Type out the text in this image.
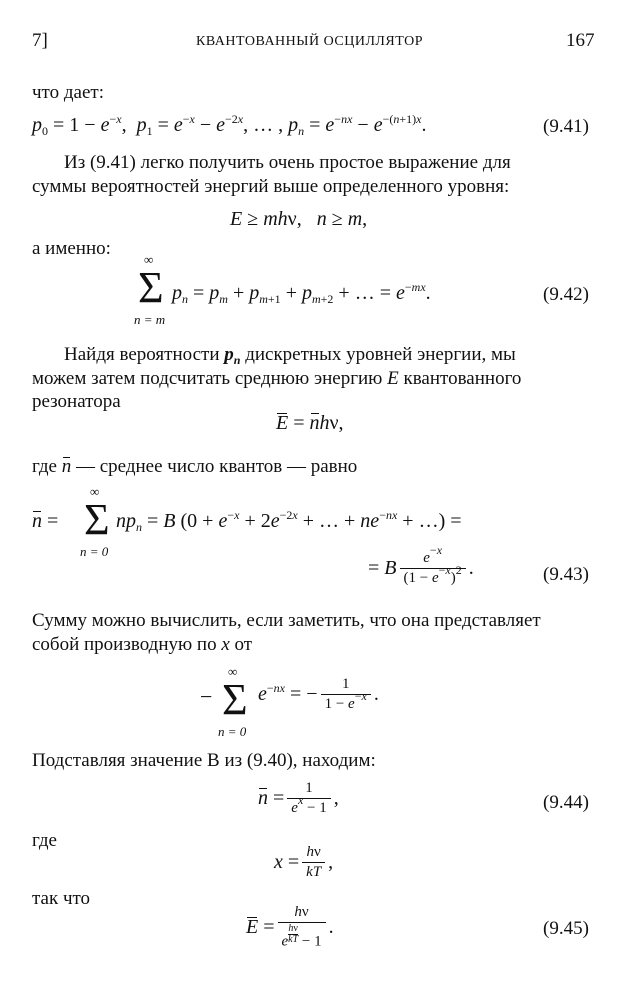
7]	КВАНТОВАННЫЙ ОСЦИЛЛЯТОР	167
что дает:
$p_0 = 1 - e^{-x}$,  $p_1 = e^{-x} - e^{-2x}$, … , $p_n = e^{-nx} - e^{-(n+1)x}$.	(9.41)
Из (9.41) легко получить очень простое выражение для
суммы вероятностей энергий выше определенного уровня:
E ≥ mhν,   n ≥ m,
а именно:
∞
Σ
n = m
$p_n = p_m + p_{m+1} + p_{m+2}$ + … = $e^{-mx}$.	(9.42)
Найдя вероятности $p_n$ дискретных уровней энергии, мы
можем затем подсчитать среднюю энергию E квантованного
резонатора
E =
nhν,
где n — среднее число квантов — равно
n =
∞
Σ
n = 0
$np_n = B$ ($0 + e^{-x} + 2e^{-2x}$ + … + $ne^{-nx}$ + …) =
= B $\frac{e^{-x}}{(1 - e^{-x})^2}$ .	(9.43)
Сумму можно вычислить, если заметить, что она представляет
собой производную по x от
−
∞
Σ
n = 0
$e^{-nx}$ = − $\frac{1}{1 - e^{-x}}$ .
Подставляя значение B из (9.40), находим:
$n = \frac{1}{e^x - 1}$ ,	(9.44)
где
$x = \frac{h\nu}{kT}$ ,
так что
E = hν
e $^{\frac{h\nu}{kT}}$ − 1 .	(9.45)
